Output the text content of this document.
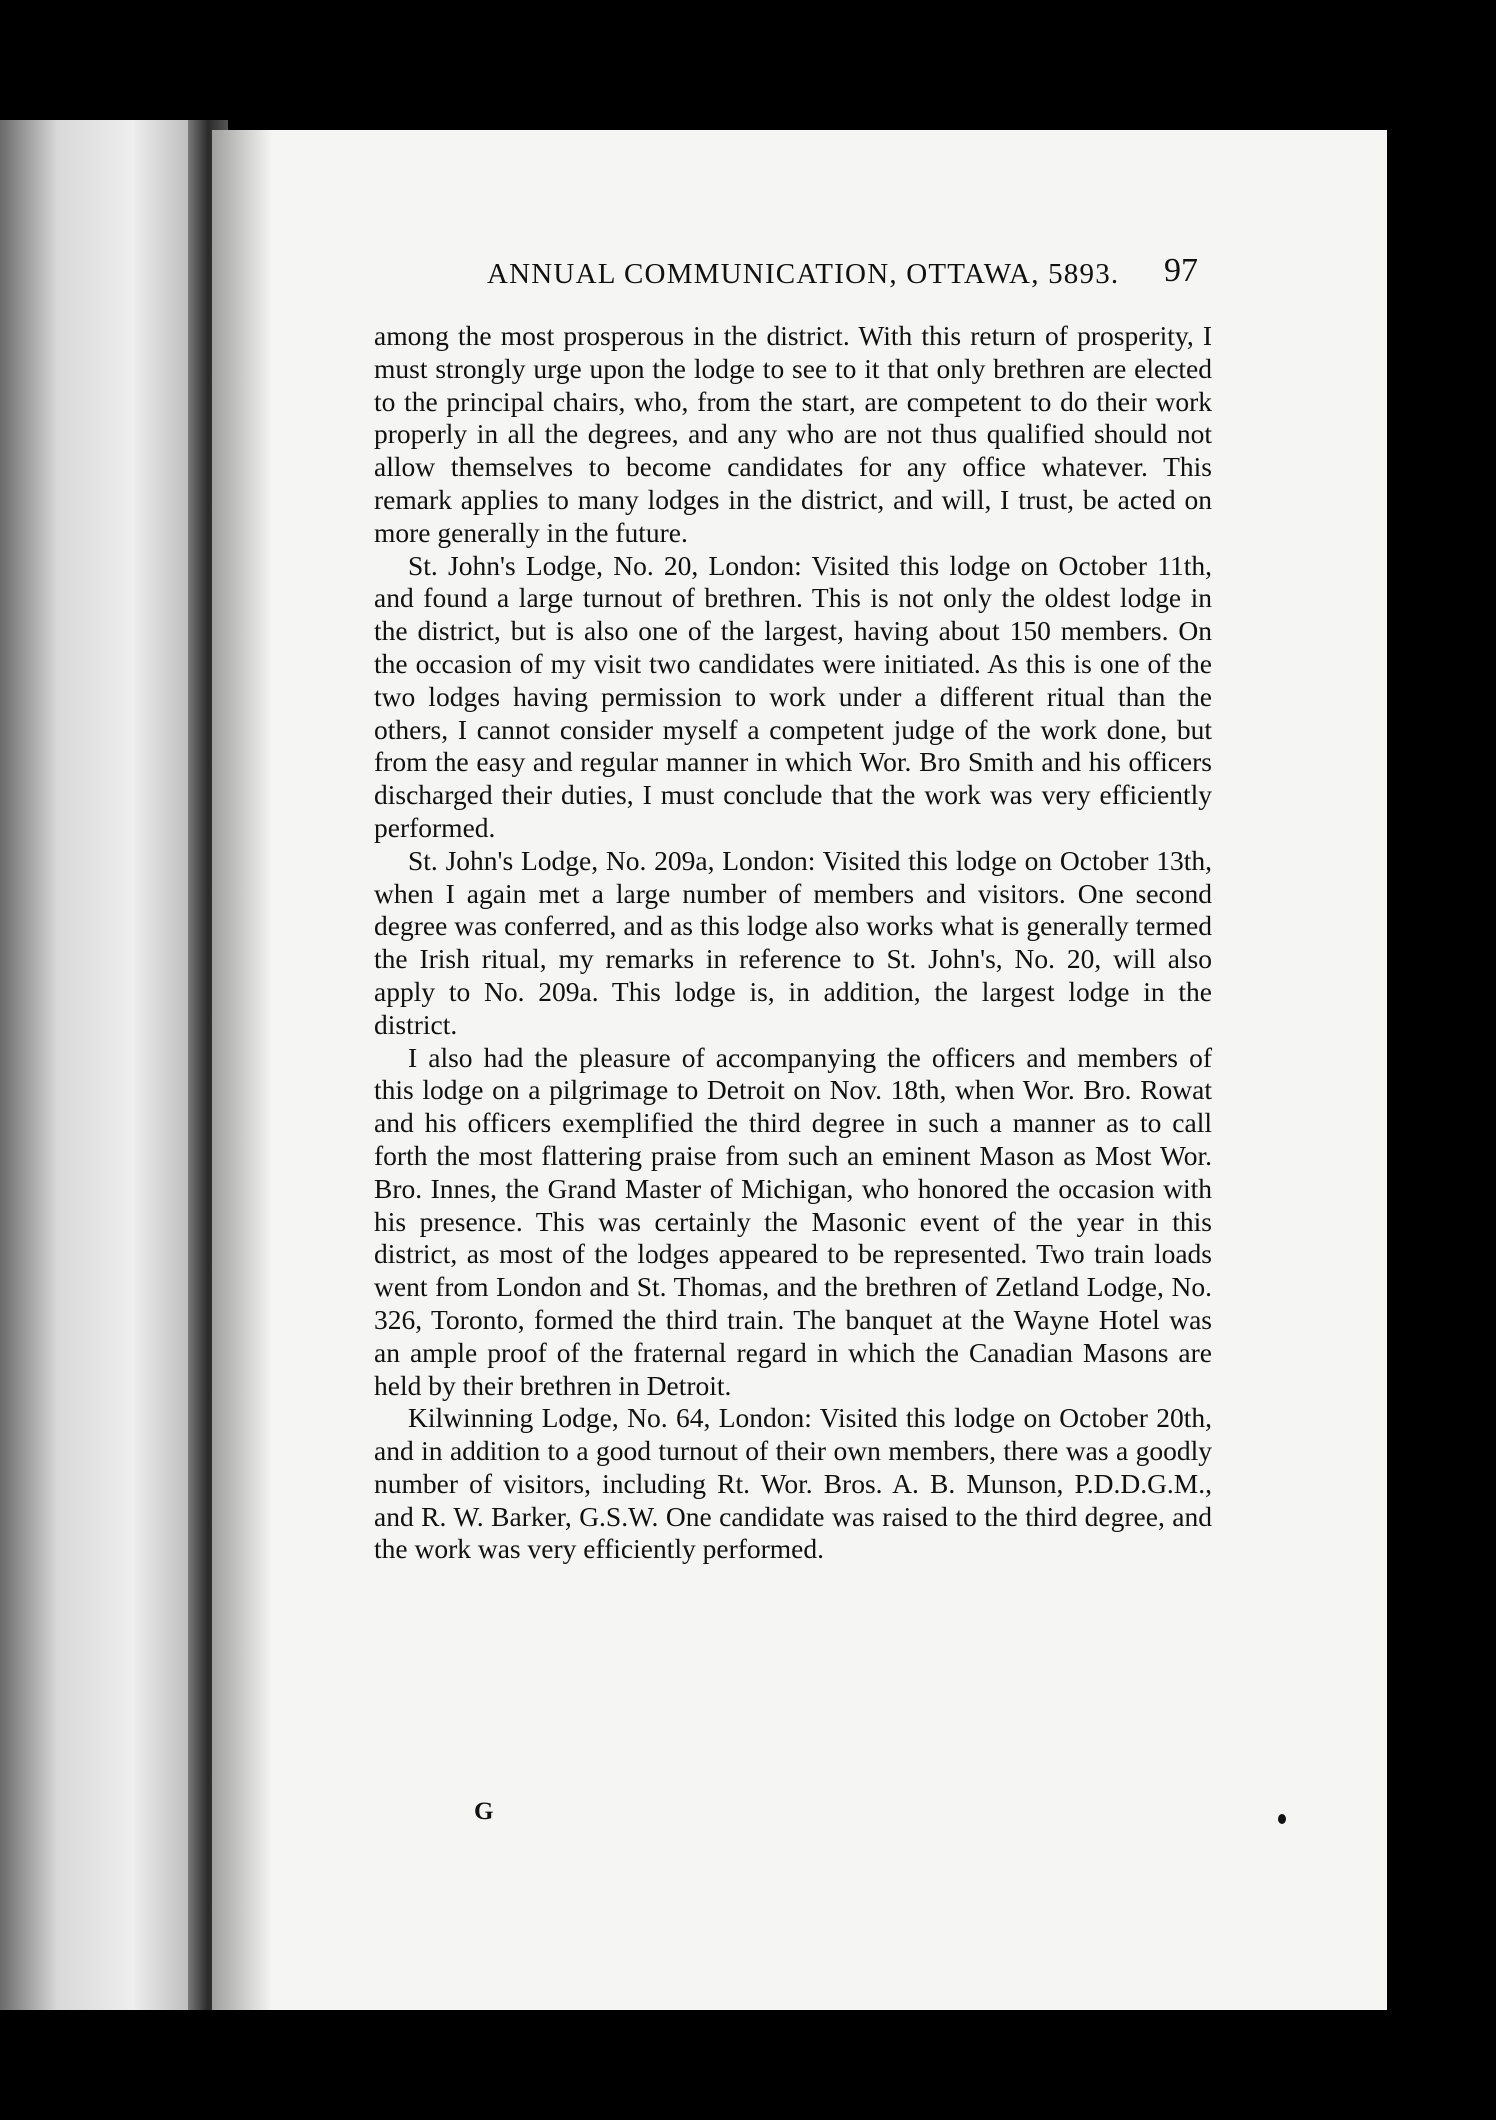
ANNUAL COMMUNICATION, OTTAWA, 5893. 97

among the most prosperous in the district. With this return of prosperity, I must strongly urge upon the lodge to see to it that only brethren are elected to the principal chairs, who, from the start, are competent to do their work properly in all the degrees, and any who are not thus qualified should not allow themselves to become candidates for any office whatever. This remark applies to many lodges in the district, and will, I trust, be acted on more generally in the future.

St. John's Lodge, No. 20, London: Visited this lodge on October 11th, and found a large turnout of brethren. This is not only the oldest lodge in the district, but is also one of the largest, having about 150 members. On the occasion of my visit two candidates were initiated. As this is one of the two lodges having permission to work under a different ritual than the others, I cannot consider myself a competent judge of the work done, but from the easy and regular manner in which Wor. Bro Smith and his officers discharged their duties, I must conclude that the work was very efficiently performed.

St. John's Lodge, No. 209a, London: Visited this lodge on October 13th, when I again met a large number of members and visitors. One second degree was conferred, and as this lodge also works what is generally termed the Irish ritual, my remarks in reference to St. John's, No. 20, will also apply to No. 209a. This lodge is, in addition, the largest lodge in the district.

I also had the pleasure of accompanying the officers and members of this lodge on a pilgrimage to Detroit on Nov. 18th, when Wor. Bro. Rowat and his officers exemplified the third degree in such a manner as to call forth the most flattering praise from such an eminent Mason as Most Wor. Bro. Innes, the Grand Master of Michigan, who honored the occasion with his presence. This was certainly the Masonic event of the year in this district, as most of the lodges appeared to be represented. Two train loads went from London and St. Thomas, and the brethren of Zetland Lodge, No. 326, Toronto, formed the third train. The banquet at the Wayne Hotel was an ample proof of the fraternal regard in which the Canadian Masons are held by their brethren in Detroit.

Kilwinning Lodge, No. 64, London: Visited this lodge on October 20th, and in addition to a good turnout of their own members, there was a goodly number of visitors, including Rt. Wor. Bros. A. B. Munson, P.D.D.G.M., and R. W. Barker, G.S.W. One candidate was raised to the third degree, and the work was very efficiently performed.

G
